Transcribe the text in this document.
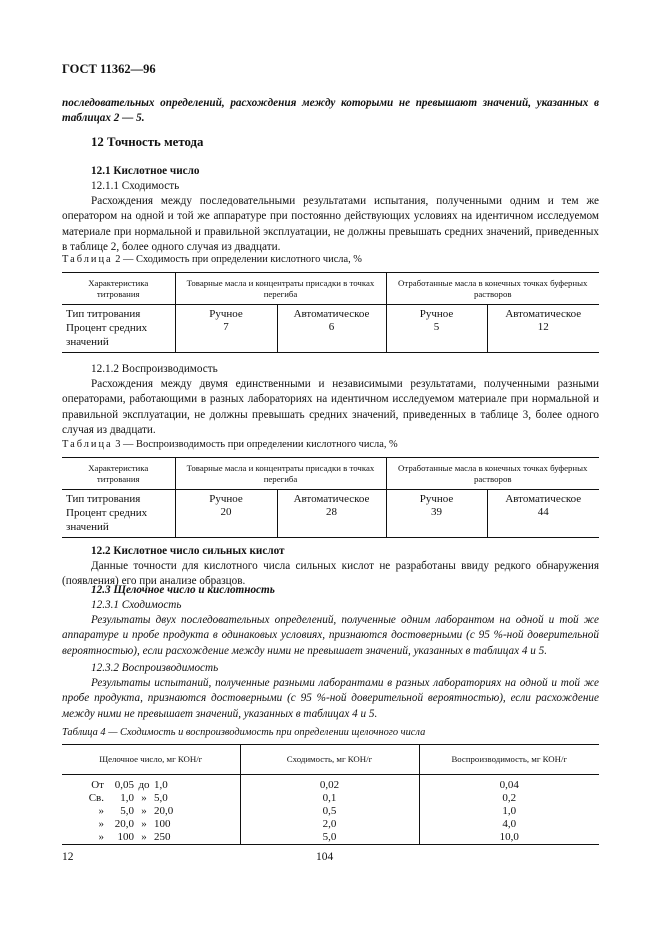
ГОСТ 11362—96
последовательных определений, расхождения между которыми не превышают значений, указанных в таблицах 2 — 5.
12 Точность метода
12.1 Кислотное число
12.1.1 Сходимость
Расхождения между последовательными результатами испытания, полученными одним и тем же оператором на одной и той же аппаратуре при постоянно действующих условиях на идентичном исследуемом материале при нормальной и правильной эксплуатации, не должны превышать средних значений, приведенных в таблице 2, более одного случая из двадцати.
Таблица 2 — Сходимость при определении кислотного числа, %
Характеристика титрования	Товарные масла и концентраты присадки в точках перегиба		Отработанные масла в конечных точках буферных растворов	
Тип титрования	Ручное	Автоматическое	Ручное	Автоматическое
Процент средних значений	7	6	5	12
12.1.2 Воспроизводимость
Расхождения между двумя единственными и независимыми результатами, полученными разными операторами, работающими в разных лабораториях на идентичном исследуемом материале при нормальной и правильной эксплуатации, не должны превышать средних значений, приведенных в таблице 3, более одного случая из двадцати.
Таблица 3 — Воспроизводимость при определении кислотного числа, %
Характеристика титрования	Товарные масла и концентраты присадки в точках перегиба		Отработанные масла в конечных точках буферных растворов	
Тип титрования	Ручное	Автоматическое	Ручное	Автоматическое
Процент средних значений	20	28	39	44
12.2 Кислотное число сильных кислот
Данные точности для кислотного числа сильных кислот не разработаны ввиду редкого обнаружения (появления) его при анализе образцов.
12.3 Щелочное число и кислотность
12.3.1 Сходимость
Результаты двух последовательных определений, полученные одним лаборантом на одной и той же аппаратуре и пробе продукта в одинаковых условиях, признаются достоверными (с 95 %-ной доверительной вероятностью), если расхождение между ними не превышает значений, указанных в таблицах 4 и 5.
12.3.2 Воспроизводимость
Результаты испытаний, полученные разными лаборантами в разных лабораториях на одной и той же пробе продукта, признаются достоверными (с 95 %-ной доверительной вероятностью), если расхождение между ними не превышает значений, указанных в таблицах 4 и 5.
Таблица 4 — Сходимость и воспроизводимость при определении щелочного числа
Щелочное число, мг КОН/г	Сходимость, мг КОН/г	Воспроизводимость, мг КОН/г
От 0,05 до 1,0	0,02	0,04
Св. 1,0 » 5,0	0,1	0,2
» 5,0 » 20,0	0,5	1,0
» 20,0 » 100	2,0	4,0
» 100 » 250	5,0	10,0
12	104
